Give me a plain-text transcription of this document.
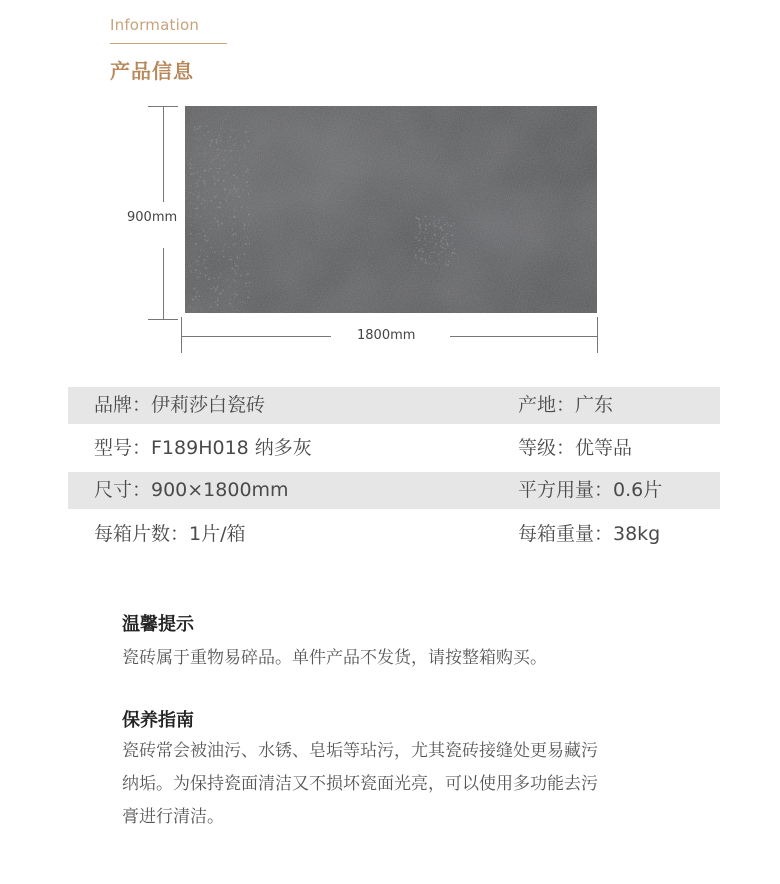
Information
产品信息
900mm
1800mm
品牌：伊莉莎白瓷砖	产地：广东
型号：F189H018 纳多灰	等级：优等品
尺寸：900×1800mm	平方用量：0.6片
每箱片数：1片/箱	每箱重量：38kg
温馨提示
瓷砖属于重物易碎品。单件产品不发货，请按整箱购买。
保养指南
瓷砖常会被油污、水锈、皂垢等玷污，尤其瓷砖接缝处更易藏污
纳垢。为保持瓷面清洁又不损坏瓷面光亮，可以使用多功能去污
膏进行清洁。
